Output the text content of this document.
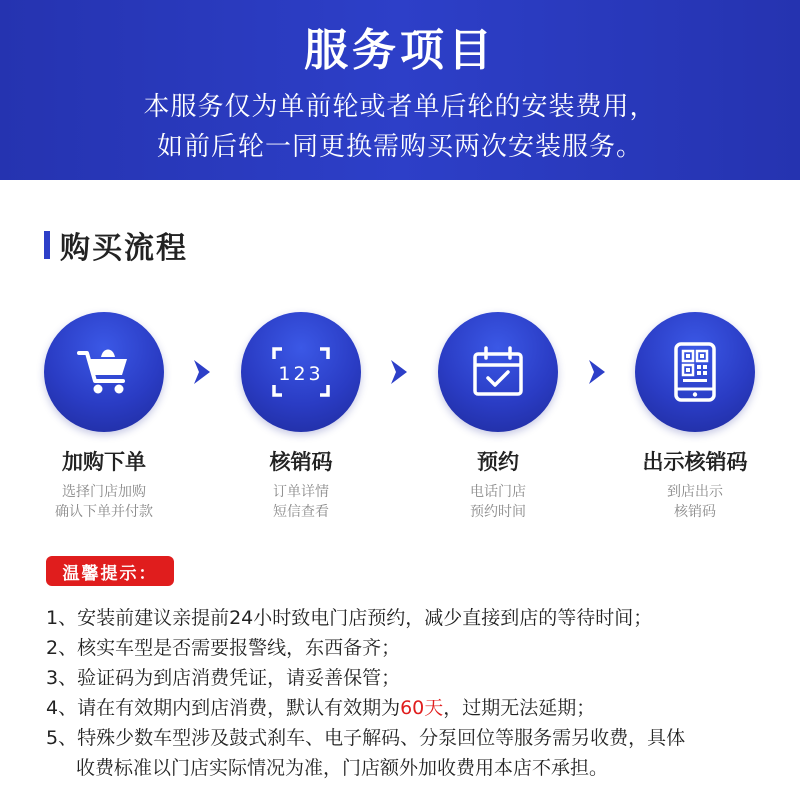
服务项目
本服务仅为单前轮或者单后轮的安装费用，
如前后轮一同更换需购买两次安装服务。
购买流程
加购下单
选择门店加购
确认下单并付款
123
核销码
订单详情
短信查看
预约
电话门店
预约时间
出示核销码
到店出示
核销码
温馨提示：
1、安装前建议亲提前24小时致电门店预约，减少直接到店的等待时间；
2、核实车型是否需要报警线，东西备齐；
3、验证码为到店消费凭证，请妥善保管；
4、请在有效期内到店消费，默认有效期为60天，过期无法延期；
5、特殊少数车型涉及鼓式刹车、电子解码、分泵回位等服务需另收费，具体
收费标准以门店实际情况为准，门店额外加收费用本店不承担。
